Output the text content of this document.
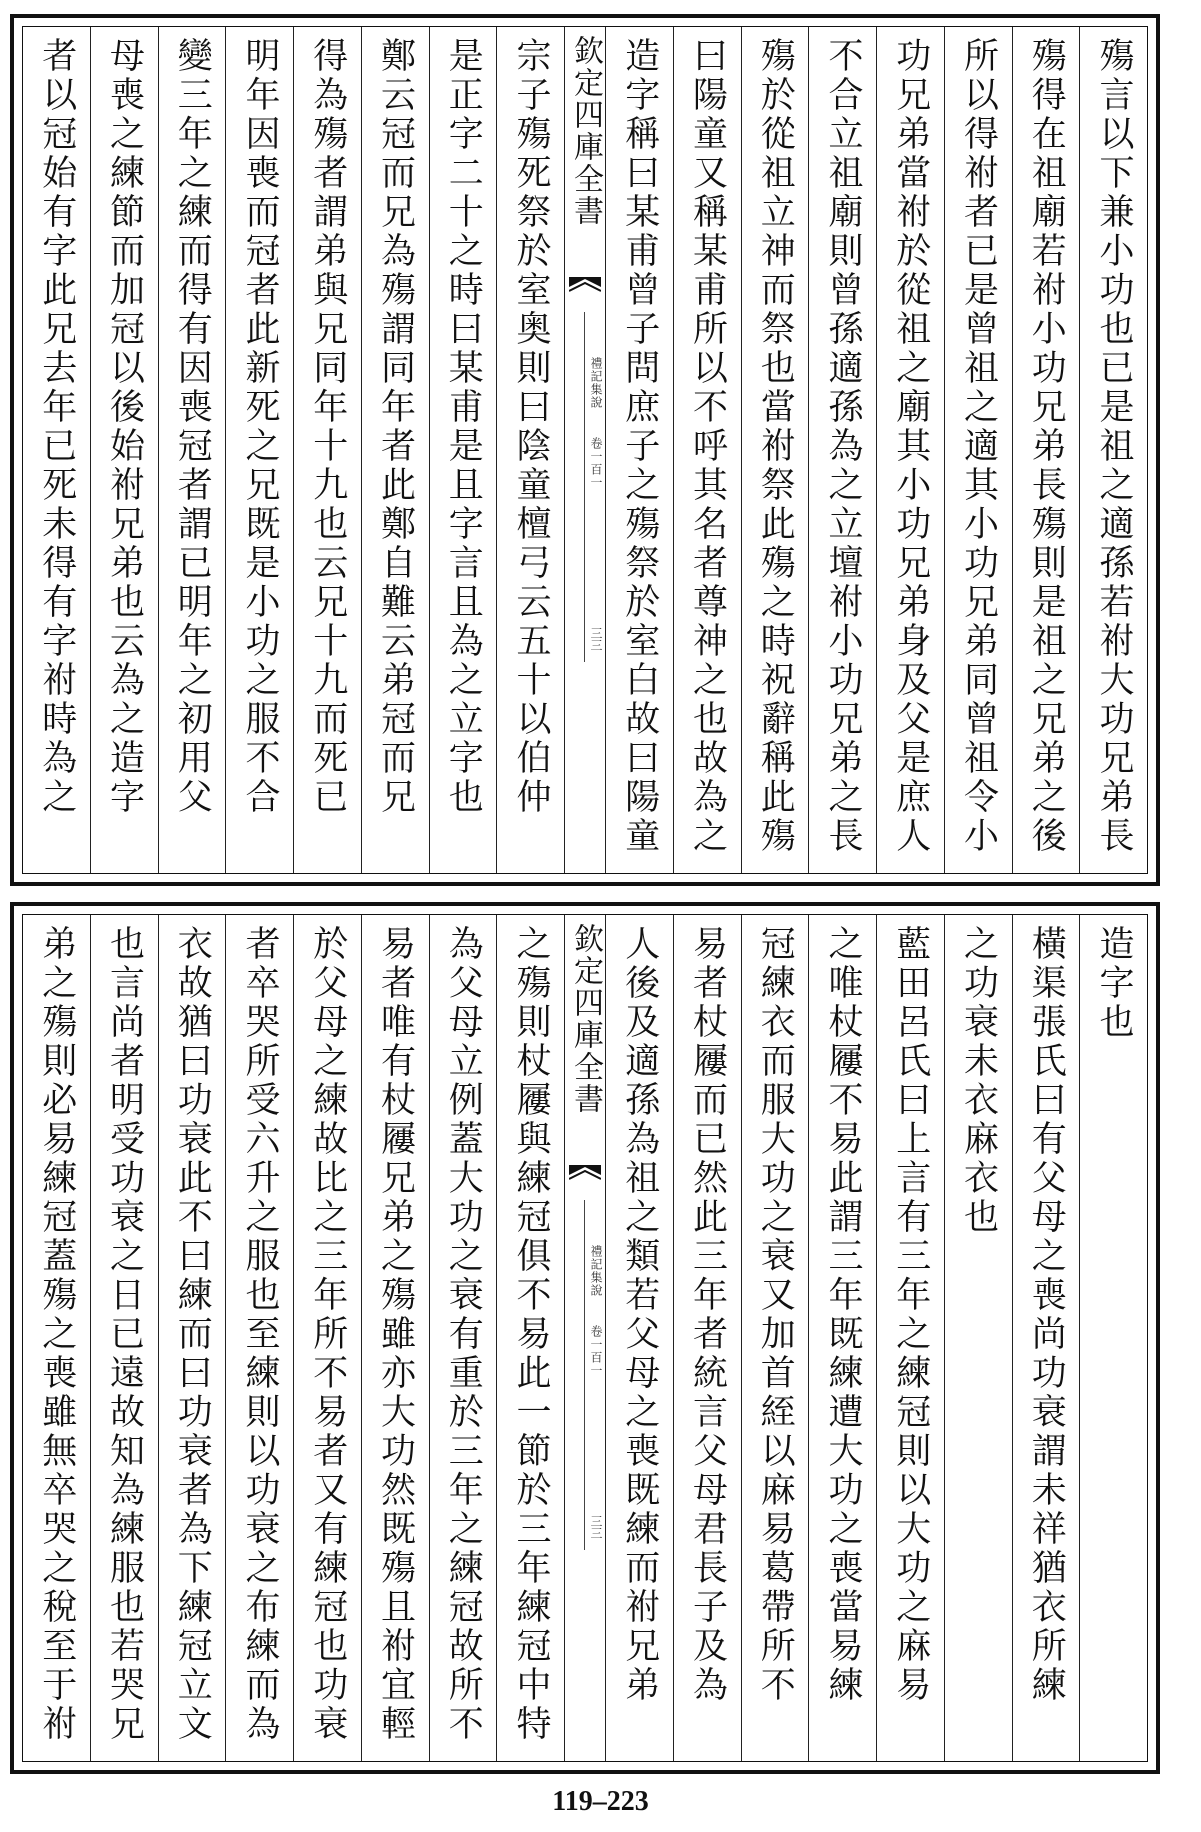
殤言以下兼小功也已是祖之適孫若祔大功兄弟長
殤得在祖廟若祔小功兄弟長殤則是祖之兄弟之後
所以得祔者已是曾祖之適其小功兄弟同曾祖令小
功兄弟當祔於從祖之廟其小功兄弟身及父是庶人
不合立祖廟則曾孫適孫為之立壇祔小功兄弟之長
殤於從祖立神而祭也當祔祭此殤之時祝辭稱此殤
曰陽童又稱某甫所以不呼其名者尊神之也故為之
造字稱曰某甫曾子問庶子之殤祭於室白故曰陽童
欽定四庫全書
禮記集說
卷一百一
三三
宗子殤死祭於室奥則曰陰童檀弓云五十以伯仲
是正字二十之時曰某甫是且字言且為之立字也
鄭云冠而兄為殤謂同年者此鄭自難云弟冠而兄
得為殤者謂弟與兄同年十九也云兄十九而死已
明年因喪而冠者此新死之兄既是小功之服不合
變三年之練而得有因喪冠者謂已明年之初用父
母喪之練節而加冠以後始祔兄弟也云為之造字
者以冠始有字此兄去年已死未得有字祔時為之
造字也
橫渠張氏曰有父母之喪尚功衰謂未祥猶衣所練
之功衰未衣麻衣也
藍田呂氏曰上言有三年之練冠則以大功之麻易
之唯杖屨不易此謂三年既練遭大功之喪當易練
冠練衣而服大功之衰又加首絰以麻易葛帶所不
易者杖屨而已然此三年者統言父母君長子及為
人後及適孫為祖之類若父母之喪既練而祔兄弟
欽定四庫全書
禮記集說
卷一百一
三三
之殤則杖屨與練冠俱不易此一節於三年練冠中特
為父母立例蓋大功之衰有重於三年之練冠故所不
易者唯有杖屨兄弟之殤雖亦大功然既殤且祔宜輕
於父母之練故比之三年所不易者又有練冠也功衰
者卒哭所受六升之服也至練則以功衰之布練而為
衣故猶曰功衰此不曰練而曰功衰者為下練冠立文
也言尚者明受功衰之日已遠故知為練服也若哭兄
弟之殤則必易練冠蓋殤之喪雖無卒哭之稅至于祔
119–223
